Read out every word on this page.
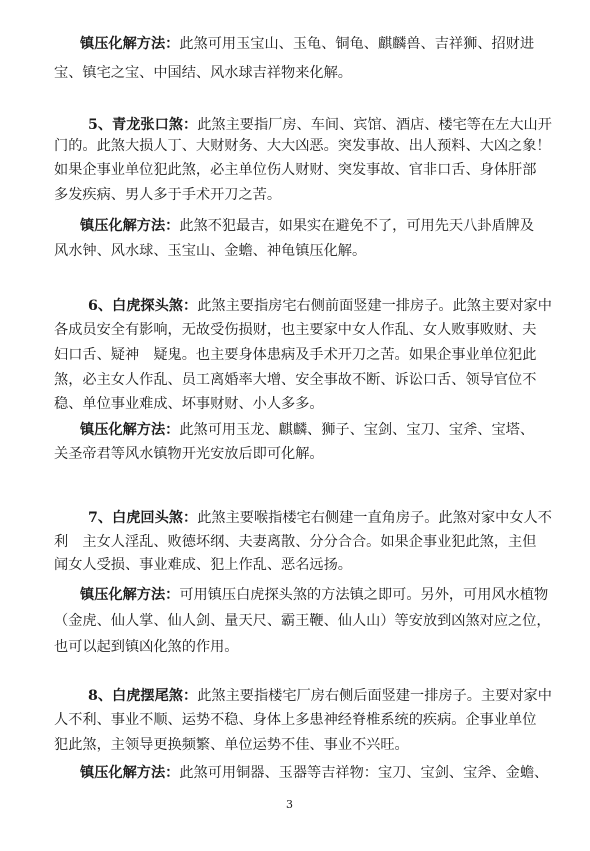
镇压化解方法：此煞可用玉宝山、玉龟、铜龟、麒麟兽、吉祥狮、招财进
宝、镇宅之宝、中国结、风水球吉祥物来化解。
5、青龙张口煞：此煞主要指厂房、车间、宾馆、酒店、楼宅等在左大山开
门的。此煞大损人丁、大财财务、大大凶恶。突发事故、出人预料、大凶之象！
如果企事业单位犯此煞，必主单位伤人财财、突发事故、官非口舌、身体肝部
多发疾病、男人多于手术开刀之苦。
镇压化解方法：此煞不犯最吉，如果实在避免不了，可用先天八卦盾牌及
风水钟、风水球、玉宝山、金蟾、神龟镇压化解。
6、白虎探头煞：此煞主要指房宅右侧前面竖建一排房子。此煞主要对家中
各成员安全有影响，无故受伤损财，也主要家中女人作乱、女人败事败财、夫
妇口舌、疑神　疑鬼。也主要身体患病及手术开刀之苦。如果企事业单位犯此
煞，必主女人作乱、员工离婚率大增、安全事故不断、诉讼口舌、领导官位不
稳、单位事业难成、坏事财财、小人多多。
镇压化解方法：此煞可用玉龙、麒麟、狮子、宝剑、宝刀、宝斧、宝塔、
关圣帝君等风水镇物开光安放后即可化解。
7、白虎回头煞：此煞主要喉指楼宅右侧建一直角房子。此煞对家中女人不
利　主女人淫乱、败德坏纲、夫妻离散、分分合合。如果企事业犯此煞，主但
闻女人受损、事业难成、犯上作乱、恶名远扬。
镇压化解方法：可用镇压白虎探头煞的方法镇之即可。另外，可用风水植物
（金虎、仙人掌、仙人剑、量天尺、霸王鞭、仙人山）等安放到凶煞对应之位，
也可以起到镇凶化煞的作用。
8、白虎摆尾煞：此煞主要指楼宅厂房右侧后面竖建一排房子。主要对家中
人不利、事业不顺、运势不稳、身体上多患神经脊椎系统的疾病。企事业单位
犯此煞，主领导更换频繁、单位运势不佳、事业不兴旺。
镇压化解方法：此煞可用铜器、玉器等吉祥物：宝刀、宝剑、宝斧、金蟾、
3
